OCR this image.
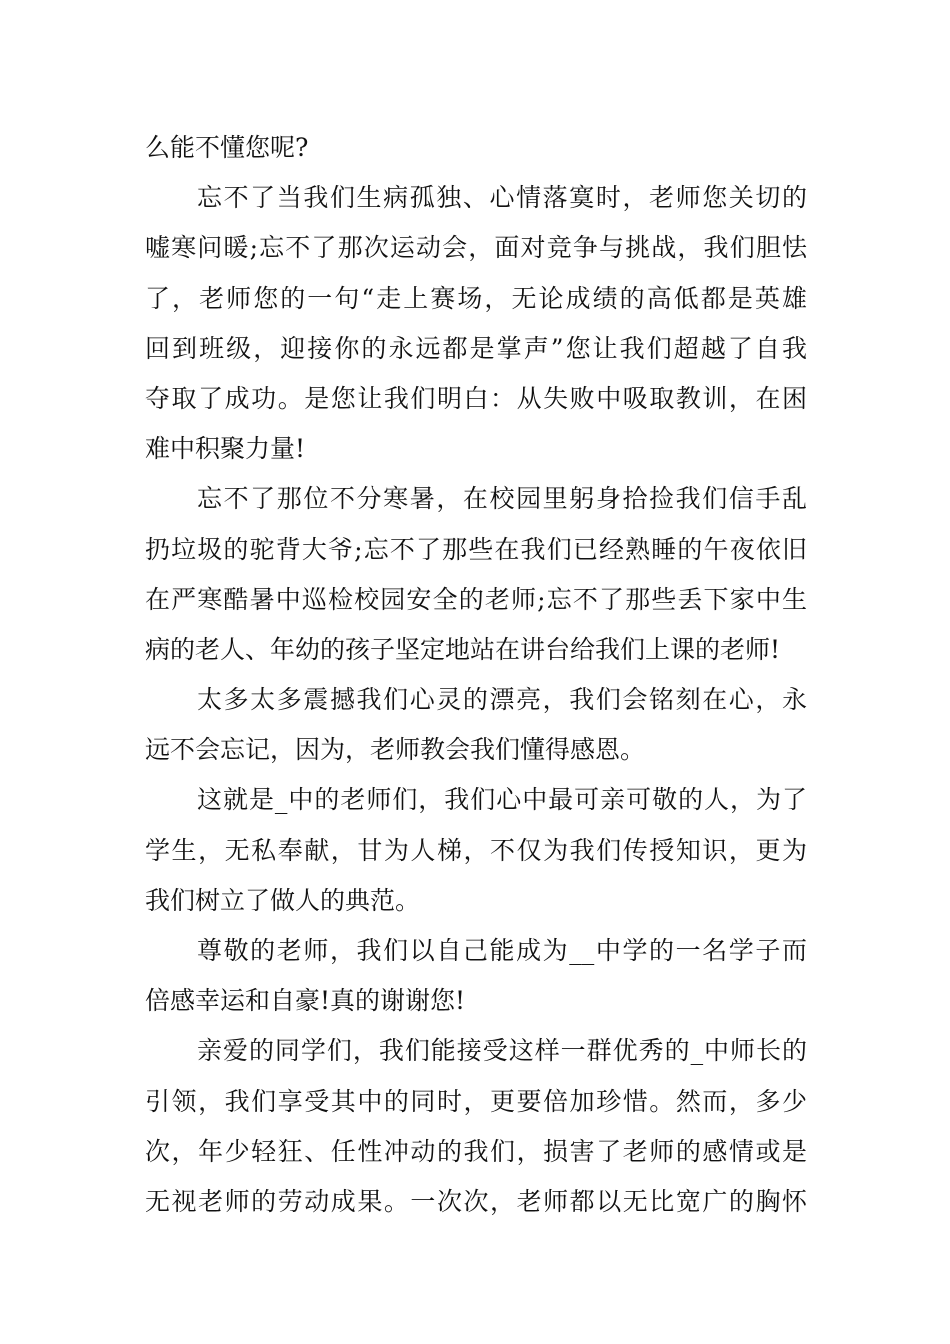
么能不懂您呢?
忘不了当我们生病孤独、心情落寞时，老师您关切的
嘘寒问暖;忘不了那次运动会，面对竞争与挑战，我们胆怯
了，老师您的一句“走上赛场，无论成绩的高低都是英雄
回到班级，迎接你的永远都是掌声”您让我们超越了自我
夺取了成功。是您让我们明白：从失败中吸取教训，在困
难中积聚力量!
忘不了那位不分寒暑，在校园里躬身拾捡我们信手乱
扔垃圾的驼背大爷;忘不了那些在我们已经熟睡的午夜依旧
在严寒酷暑中巡检校园安全的老师;忘不了那些丢下家中生
病的老人、年幼的孩子坚定地站在讲台给我们上课的老师!
太多太多震撼我们心灵的漂亮，我们会铭刻在心，永
远不会忘记，因为，老师教会我们懂得感恩。
这就是_中的老师们，我们心中最可亲可敬的人，为了
学生，无私奉献，甘为人梯，不仅为我们传授知识，更为
我们树立了做人的典范。
尊敬的老师，我们以自己能成为__中学的一名学子而
倍感幸运和自豪!真的谢谢您!
亲爱的同学们，我们能接受这样一群优秀的_中师长的
引领，我们享受其中的同时，更要倍加珍惜。然而，多少
次，年少轻狂、任性冲动的我们，损害了老师的感情或是
无视老师的劳动成果。一次次，老师都以无比宽广的胸怀
